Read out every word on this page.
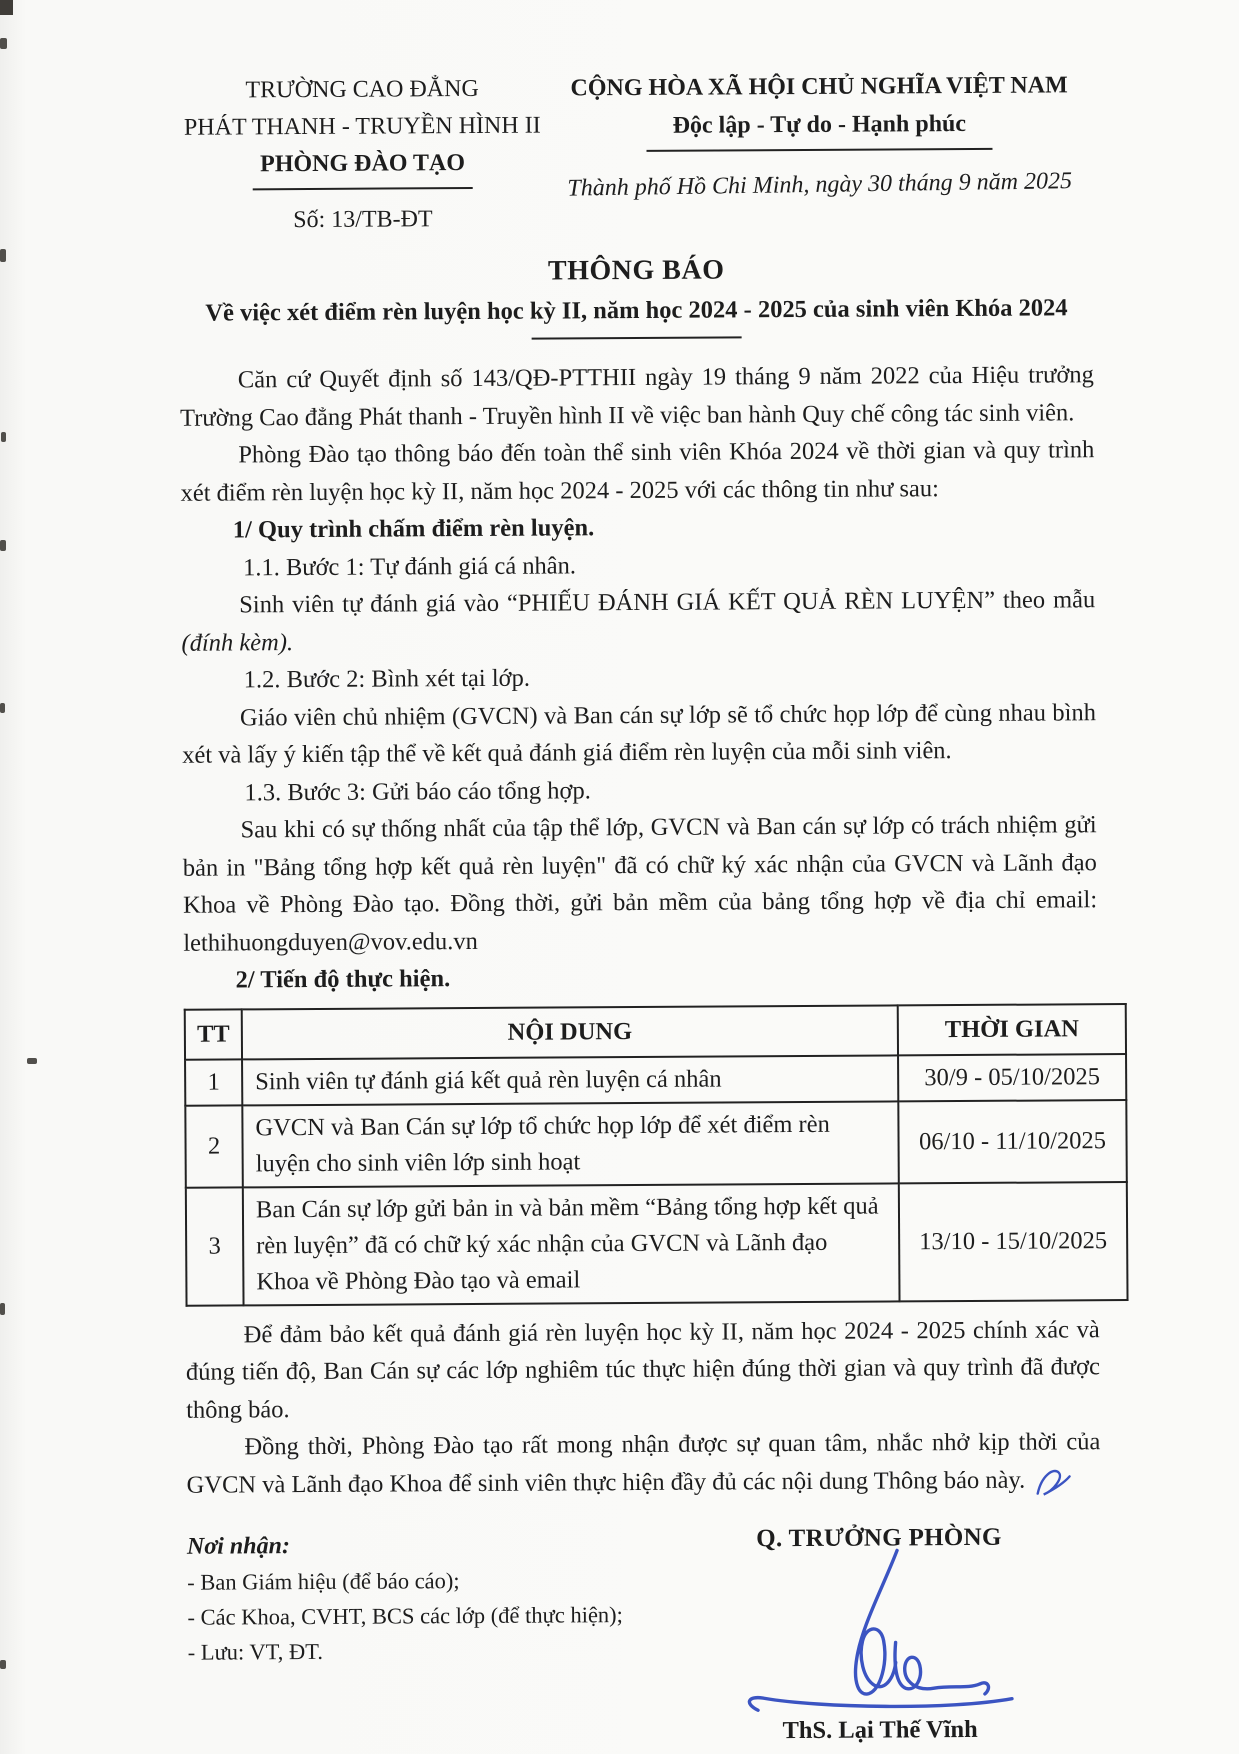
TRƯỜNG CAO ĐẲNG
PHÁT THANH - TRUYỀN HÌNH II
PHÒNG ĐÀO TẠO
Số: 13/TB-ĐT
CỘNG HÒA XÃ HỘI CHỦ NGHĨA VIỆT NAM
Độc lập - Tự do - Hạnh phúc
Thành phố Hồ Chi Minh, ngày 30 tháng 9 năm 2025
THÔNG BÁO
Về việc xét điểm rèn luyện học kỳ II, năm học 2024 - 2025 của sinh viên Khóa 2024

Căn cứ Quyết định số 143/QĐ-PTTHII ngày 19 tháng 9 năm 2022 của Hiệu trưởng Trường Cao đẳng Phát thanh - Truyền hình II về việc ban hành Quy chế công tác sinh viên.

Phòng Đào tạo thông báo đến toàn thể sinh viên Khóa 2024 về thời gian và quy trình xét điểm rèn luyện học kỳ II, năm học 2024 - 2025 với các thông tin như sau:

1/ Quy trình chấm điểm rèn luyện.

1.1. Bước 1: Tự đánh giá cá nhân.

Sinh viên tự đánh giá vào “PHIẾU ĐÁNH GIÁ KẾT QUẢ RÈN LUYỆN” theo mẫu (đính kèm).

1.2. Bước 2: Bình xét tại lớp.

Giáo viên chủ nhiệm (GVCN) và Ban cán sự lớp sẽ tổ chức họp lớp để cùng nhau bình xét và lấy ý kiến tập thể về kết quả đánh giá điểm rèn luyện của mỗi sinh viên.

1.3. Bước 3: Gửi báo cáo tổng hợp.

Sau khi có sự thống nhất của tập thể lớp, GVCN và Ban cán sự lớp có trách nhiệm gửi bản in "Bảng tổng hợp kết quả rèn luyện" đã có chữ ký xác nhận của GVCN và Lãnh đạo Khoa về Phòng Đào tạo. Đồng thời, gửi bản mềm của bảng tổng hợp về địa chỉ email: lethihuongduyen@vov.edu.vn

2/ Tiến độ thực hiện.

TT	NỘI DUNG	THỜI GIAN
1	Sinh viên tự đánh giá kết quả rèn luyện cá nhân	30/9 - 05/10/2025
2	GVCN và Ban Cán sự lớp tổ chức họp lớp để xét điểm rèn luyện cho sinh viên lớp sinh hoạt	06/10 - 11/10/2025
3	Ban Cán sự lớp gửi bản in và bản mềm “Bảng tổng hợp kết quả rèn luyện” đã có chữ ký xác nhận của GVCN và Lãnh đạo Khoa về Phòng Đào tạo và email	13/10 - 15/10/2025

Để đảm bảo kết quả đánh giá rèn luyện học kỳ II, năm học 2024 - 2025 chính xác và đúng tiến độ, Ban Cán sự các lớp nghiêm túc thực hiện đúng thời gian và quy trình đã được thông báo.

Đồng thời, Phòng Đào tạo rất mong nhận được sự quan tâm, nhắc nhở kịp thời của GVCN và Lãnh đạo Khoa để sinh viên thực hiện đầy đủ các nội dung Thông báo này.

Nơi nhận:
- Ban Giám hiệu (để báo cáo);
- Các Khoa, CVHT, BCS các lớp (để thực hiện);
- Lưu: VT, ĐT.
Q. TRƯỞNG PHÒNG
ThS. Lại Thế Vĩnh
